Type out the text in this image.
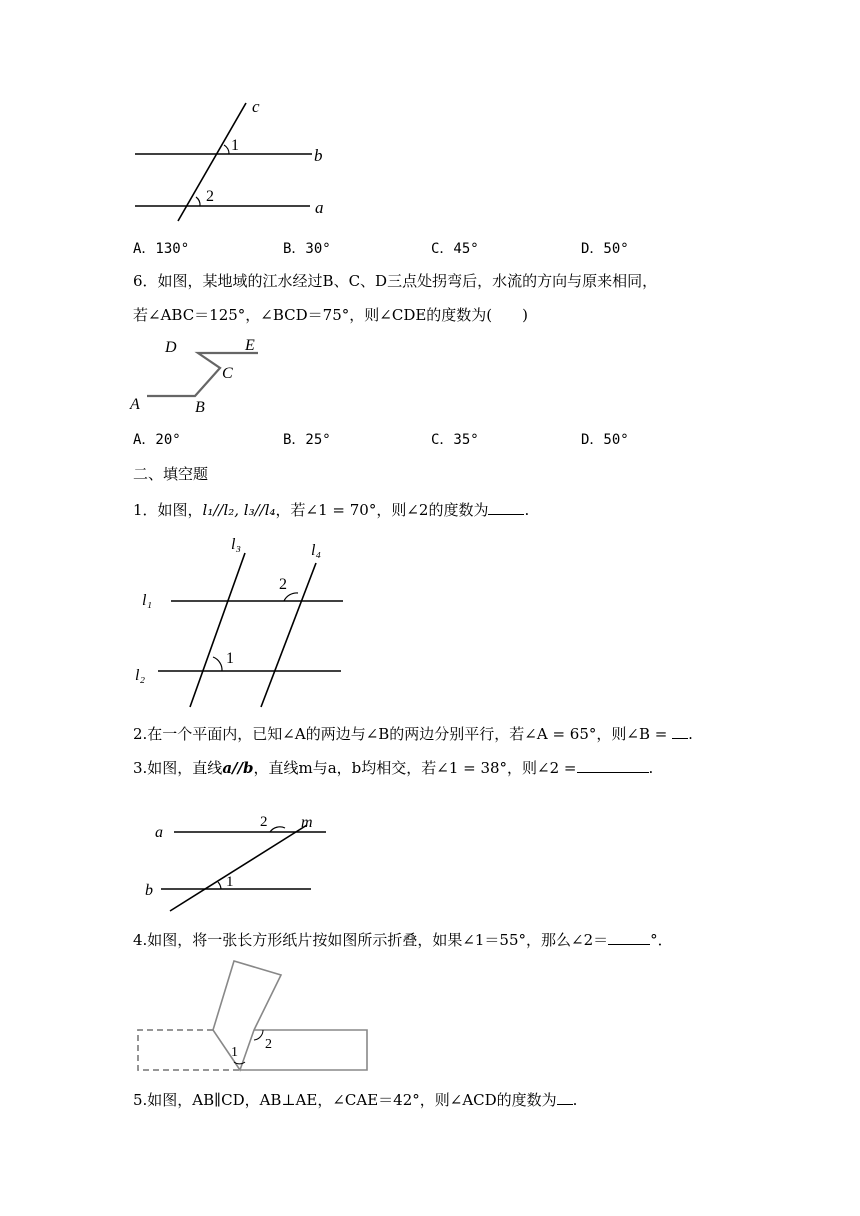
c
1
b
2
a
A．130°	B．30°	C．45°	D．50°
6．如图，某地域的江水经过B、C、D三点处拐弯后，水流的方向与原来相同，
若∠ABC＝125°，∠BCD＝75°，则∠CDE的度数为(　　)
D	E
C
A	B
A．20°	B．25°	C．35°	D．50°
二、填空题
1．如图，l₁//l₂, l₃//l₄，若∠1 = 70°，则∠2的度数为 .
l₃	l₄
l₁
l₂
2
1
2.在一个平面内，已知∠A的两边与∠B的两边分别平行，若∠A = 65°，则∠B = .
3.如图，直线a//b，直线m与a，b均相交，若∠1 = 38°，则∠2 =	.
m
a
b
2
1
4.如图，将一张长方形纸片按如图所示折叠，如果∠1＝55°，那么∠2＝	°．
1
2
5.如图，AB∥CD，AB⊥AE，∠CAE＝42°，则∠ACD的度数为 .
